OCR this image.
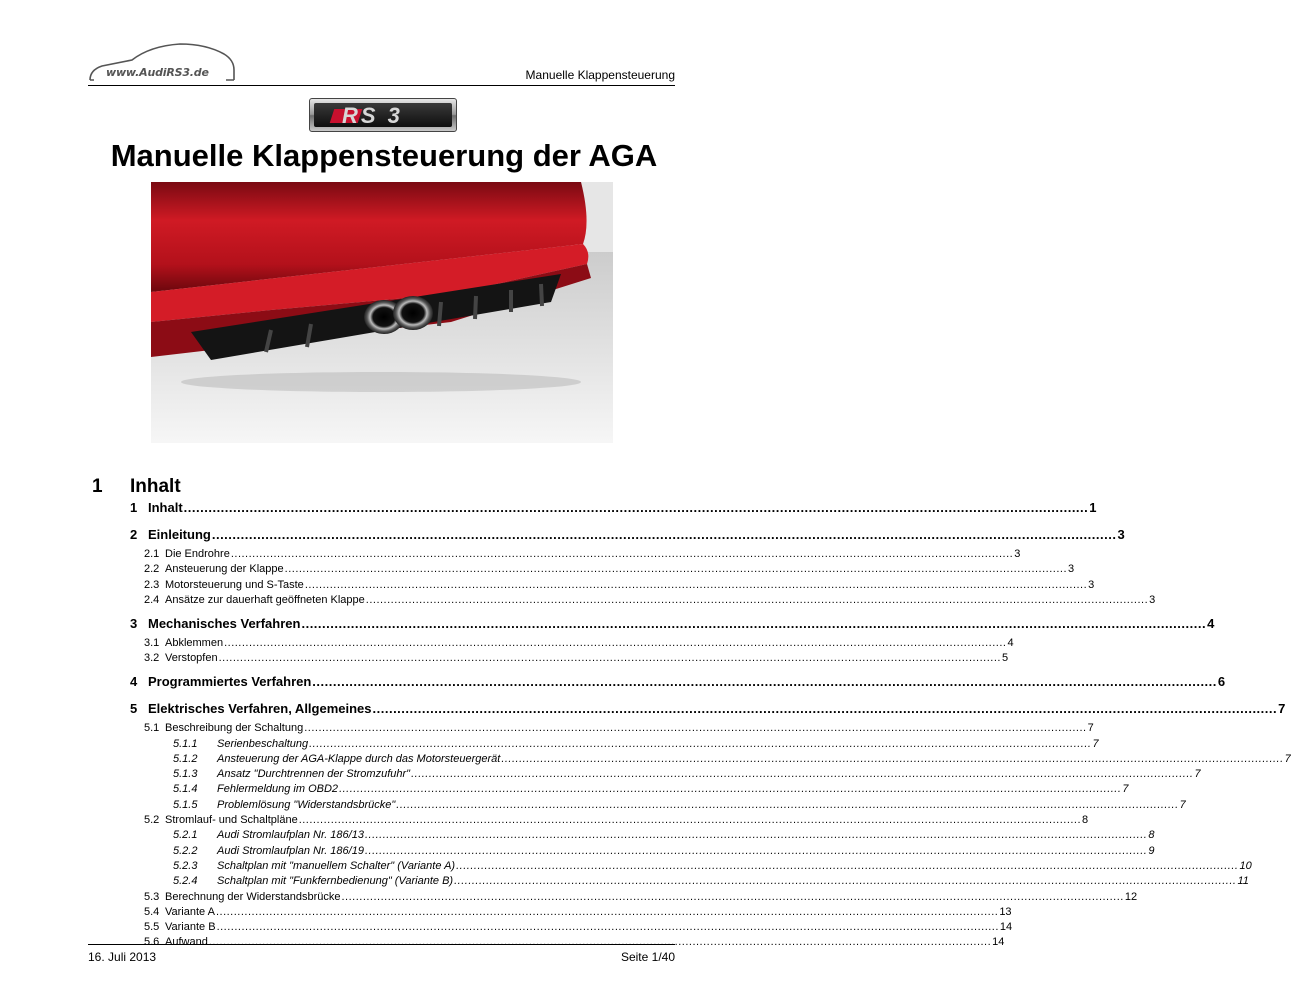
www.AudiRS3.de	Manuelle Klappensteuerung
RS 3
Manuelle Klappensteuerung der AGA
1 Inhalt
1 Inhalt ............................................................................................................................................................................................................................ 1
2 Einleitung ............................................................................................................................................................................................................................ 3
2.1 Die Endrohre ............................................................................................................................................................................................................................ 3
2.2 Ansteuerung der Klappe ............................................................................................................................................................................................................................ 3
2.3 Motorsteuerung und S-Taste ............................................................................................................................................................................................................................ 3
2.4 Ansätze zur dauerhaft geöffneten Klappe ............................................................................................................................................................................................................................ 3
3 Mechanisches Verfahren ............................................................................................................................................................................................................................ 4
3.1 Abklemmen ............................................................................................................................................................................................................................ 4
3.2 Verstopfen ............................................................................................................................................................................................................................ 5
4 Programmiertes Verfahren ............................................................................................................................................................................................................................ 6
5 Elektrisches Verfahren, Allgemeines ............................................................................................................................................................................................................................ 7
5.1 Beschreibung der Schaltung ............................................................................................................................................................................................................................ 7
5.1.1	Serienbeschaltung ............................................................................................................................................................................................................................ 7
5.1.2	Ansteuerung der AGA-Klappe durch das Motorsteuergerät ............................................................................................................................................................................................................................ 7
5.1.3	Ansatz "Durchtrennen der Stromzufuhr" ............................................................................................................................................................................................................................ 7
5.1.4	Fehlermeldung im OBD2 ............................................................................................................................................................................................................................ 7
5.1.5	Problemlösung "Widerstandsbrücke" ............................................................................................................................................................................................................................ 7
5.2 Stromlauf- und Schaltpläne ............................................................................................................................................................................................................................ 8
5.2.1	Audi Stromlaufplan Nr. 186/13 ............................................................................................................................................................................................................................ 8
5.2.2	Audi Stromlaufplan Nr. 186/19 ............................................................................................................................................................................................................................ 9
5.2.3	Schaltplan mit "manuellem Schalter" (Variante A) ............................................................................................................................................................................................................................ 10
5.2.4	Schaltplan mit "Funkfernbedienung" (Variante B) ............................................................................................................................................................................................................................ 11
5.3 Berechnung der Widerstandsbrücke ............................................................................................................................................................................................................................ 12
5.4 Variante A ............................................................................................................................................................................................................................ 13
5.5 Variante B ............................................................................................................................................................................................................................ 14
5.6 Aufwand ............................................................................................................................................................................................................................ 14
16. Juli 2013	Seite 1/40
